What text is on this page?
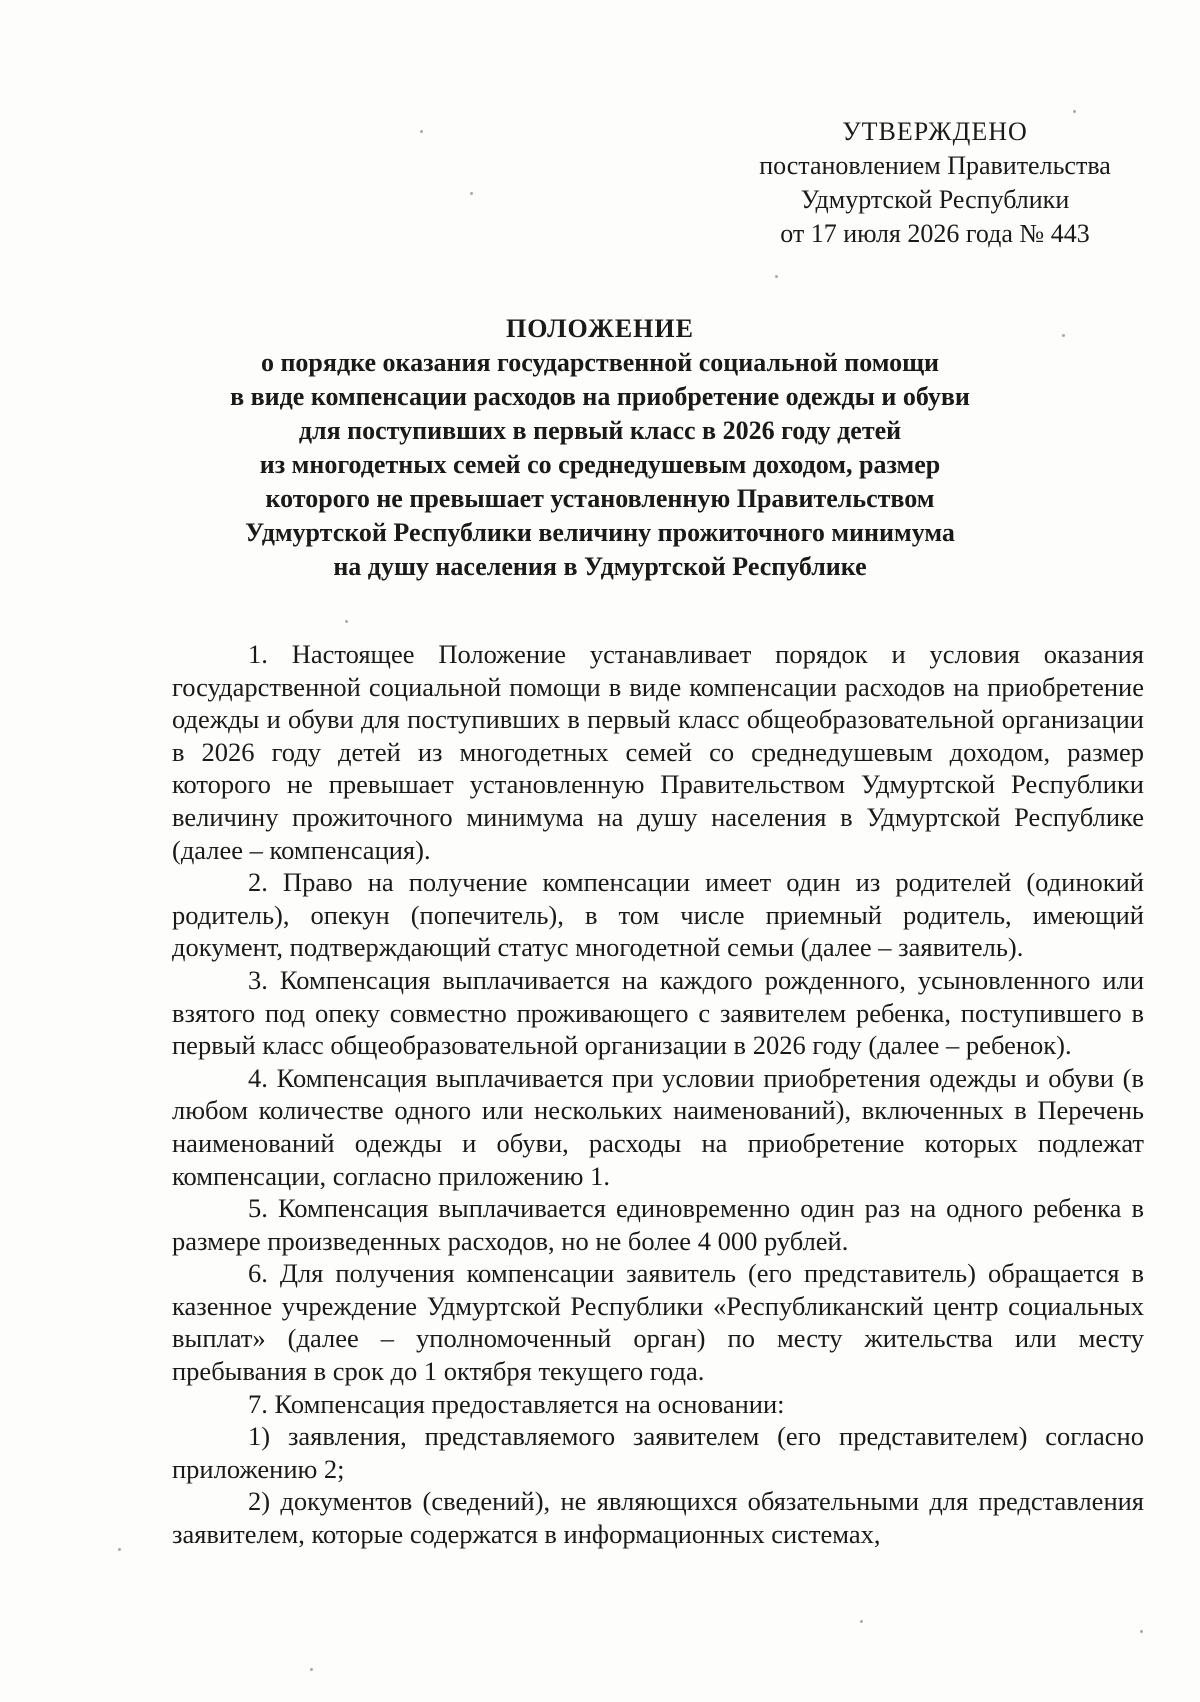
УТВЕРЖДЕНО
постановлением Правительства
Удмуртской Республики
от 17 июля 2026 года № 443
ПОЛОЖЕНИЕ
о порядке оказания государственной социальной помощи
в виде компенсации расходов на приобретение одежды и обуви
для поступивших в первый класс в 2026 году детей
из многодетных семей со среднедушевым доходом, размер
которого не превышает установленную Правительством
Удмуртской Республики величину прожиточного минимума
на душу населения в Удмуртской Республике

1. Настоящее Положение устанавливает порядок и условия оказания государственной социальной помощи в виде компенсации расходов на приобретение одежды и обуви для поступивших в первый класс общеобразовательной организации в 2026 году детей из многодетных семей со среднедушевым доходом, размер которого не превышает установленную Правительством Удмуртской Республики величину прожиточного минимума на душу населения в Удмуртской Республике (далее – компенсация).

2. Право на получение компенсации имеет один из родителей (одинокий родитель), опекун (попечитель), в том числе приемный родитель, имеющий документ, подтверждающий статус многодетной семьи (далее – заявитель).

3. Компенсация выплачивается на каждого рожденного, усыновленного или взятого под опеку совместно проживающего с заявителем ребенка, поступившего в первый класс общеобразовательной организации в 2026 году (далее – ребенок).

4. Компенсация выплачивается при условии приобретения одежды и обуви (в любом количестве одного или нескольких наименований), включенных в Перечень наименований одежды и обуви, расходы на приобретение которых подлежат компенсации, согласно приложению 1.

5. Компенсация выплачивается единовременно один раз на одного ребенка в размере произведенных расходов, но не более 4 000 рублей.

6. Для получения компенсации заявитель (его представитель) обращается в казенное учреждение Удмуртской Республики «Республиканский центр социальных выплат» (далее – уполномоченный орган) по месту жительства или месту пребывания в срок до 1 октября текущего года.

7. Компенсация предоставляется на основании:

1) заявления, представляемого заявителем (его представителем) согласно приложению 2;

2) документов (сведений), не являющихся обязательными для представления заявителем, которые содержатся в информационных системах,
